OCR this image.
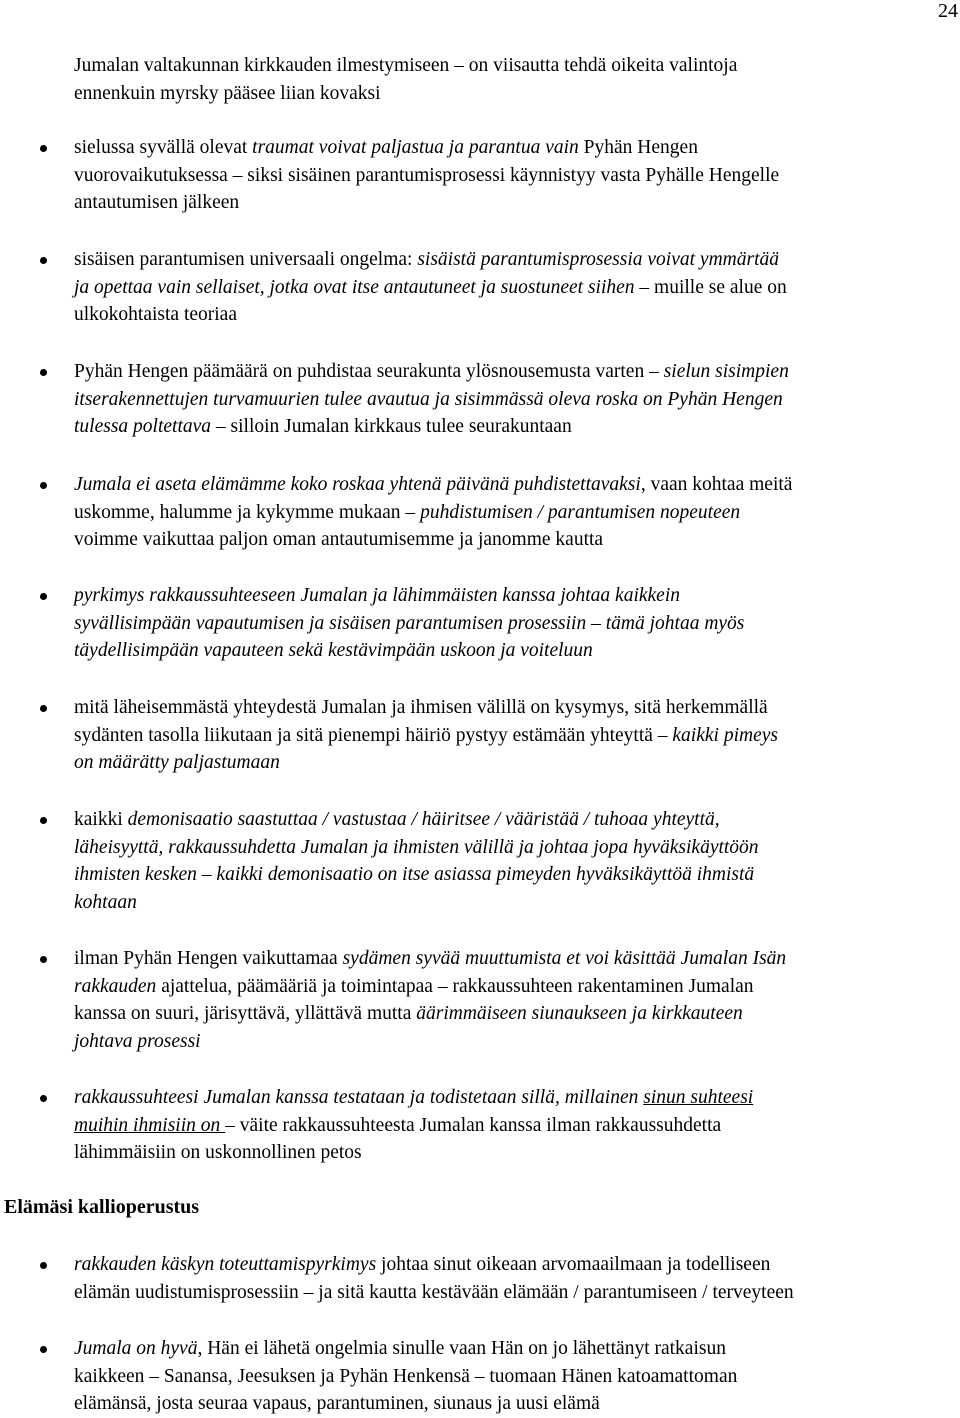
24
Jumalan valtakunnan kirkkauden ilmestymiseen – on viisautta tehdä oikeita valintoja
ennenkuin myrsky pääsee liian kovaksi
sielussa syvällä olevat traumat voivat paljastua ja parantua vain Pyhän Hengen
vuorovaikutuksessa – siksi sisäinen parantumisprosessi käynnistyy vasta Pyhälle Hengelle
antautumisen jälkeen
sisäisen parantumisen universaali ongelma: sisäistä parantumisprosessia voivat ymmärtää
ja opettaa vain sellaiset, jotka ovat itse antautuneet ja suostuneet siihen – muille se alue on
ulkokohtaista teoriaa
Pyhän Hengen päämäärä on puhdistaa seurakunta ylösnousemusta varten – sielun sisimpien
itserakennettujen turvamuurien tulee avautua ja sisimmässä oleva roska on Pyhän Hengen
tulessa poltettava – silloin Jumalan kirkkaus tulee seurakuntaan
Jumala ei aseta elämämme koko roskaa yhtenä päivänä puhdistettavaksi, vaan kohtaa meitä
uskomme, halumme ja kykymme mukaan – puhdistumisen / parantumisen nopeuteen
voimme vaikuttaa paljon oman antautumisemme ja janomme kautta
pyrkimys rakkaussuhteeseen Jumalan ja lähimmäisten kanssa johtaa kaikkein
syvällisimpään vapautumisen ja sisäisen parantumisen prosessiin – tämä johtaa myös
täydellisimpään vapauteen sekä kestävimpään uskoon ja voiteluun
mitä läheisemmästä yhteydestä Jumalan ja ihmisen välillä on kysymys, sitä herkemmällä
sydänten tasolla liikutaan ja sitä pienempi häiriö pystyy estämään yhteyttä – kaikki pimeys
on määrätty paljastumaan
kaikki demonisaatio saastuttaa / vastustaa / häiritsee / vääristää / tuhoaa yhteyttä,
läheisyyttä, rakkaussuhdetta Jumalan ja ihmisten välillä ja johtaa jopa hyväksikäyttöön
ihmisten kesken – kaikki demonisaatio on itse asiassa pimeyden hyväksikäyttöä ihmistä
kohtaan
ilman Pyhän Hengen vaikuttamaa sydämen syvää muuttumista et voi käsittää Jumalan Isän
rakkauden ajattelua, päämääriä ja toimintapaa – rakkaussuhteen rakentaminen Jumalan
kanssa on suuri, järisyttävä, yllättävä mutta äärimmäiseen siunaukseen ja kirkkauteen
johtava prosessi
rakkaussuhteesi Jumalan kanssa testataan ja todistetaan sillä, millainen sinun suhteesi
muihin ihmisiin on – väite rakkaussuhteesta Jumalan kanssa ilman rakkaussuhdetta
lähimmäisiin on uskonnollinen petos
Elämäsi kallioperustus
rakkauden käskyn toteuttamispyrkimys johtaa sinut oikeaan arvomaailmaan ja todelliseen
elämän uudistumisprosessiin – ja sitä kautta kestävään elämään / parantumiseen / terveyteen
Jumala on hyvä, Hän ei lähetä ongelmia sinulle vaan Hän on jo lähettänyt ratkaisun
kaikkeen – Sanansa, Jeesuksen ja Pyhän Henkensä – tuomaan Hänen katoamattoman
elämänsä, josta seuraa vapaus, parantuminen, siunaus ja uusi elämä
